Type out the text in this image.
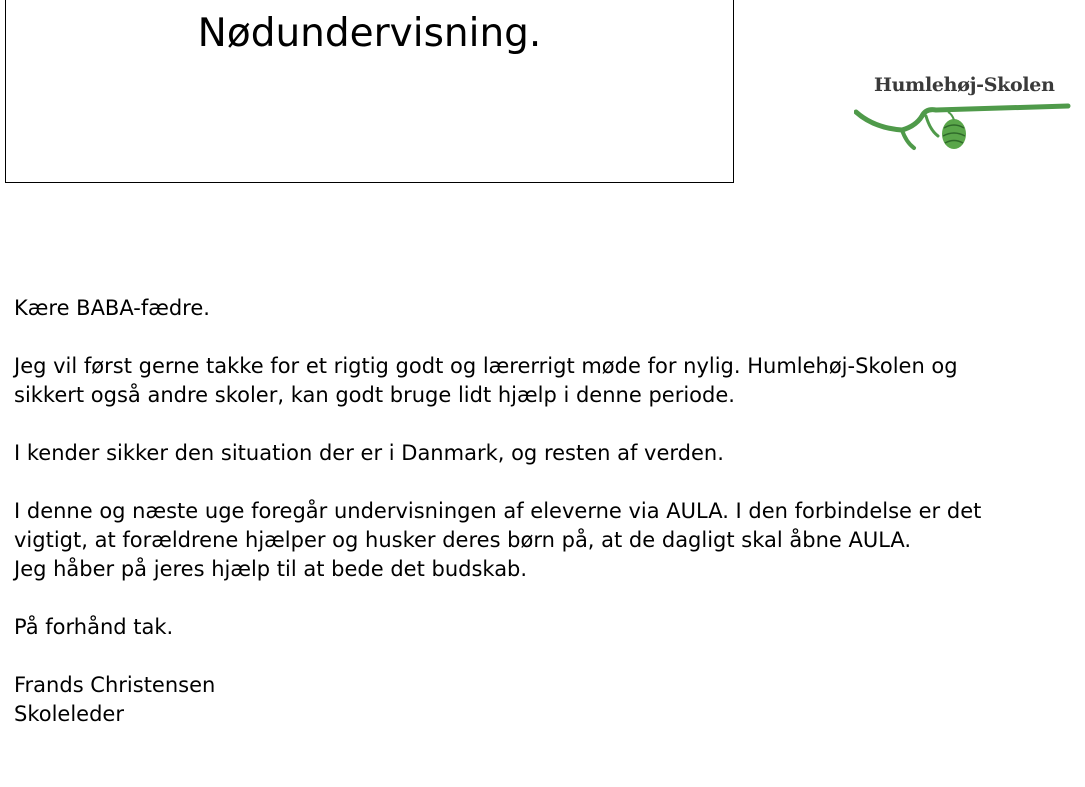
Nødundervisning.
Humlehøj-Skolen

Kære BABA-fædre.

Jeg vil først gerne takke for et rigtig godt og lærerrigt møde for nylig. Humlehøj-Skolen og

sikkert også andre skoler, kan godt bruge lidt hjælp i denne periode.

I kender sikker den situation der er i Danmark, og resten af verden.

I denne og næste uge foregår undervisningen af eleverne via AULA. I den forbindelse er det

vigtigt, at forældrene hjælper og husker deres børn på, at de dagligt skal åbne AULA.

Jeg håber på jeres hjælp til at bede det budskab.

På forhånd tak.

Frands Christensen

Skoleleder
